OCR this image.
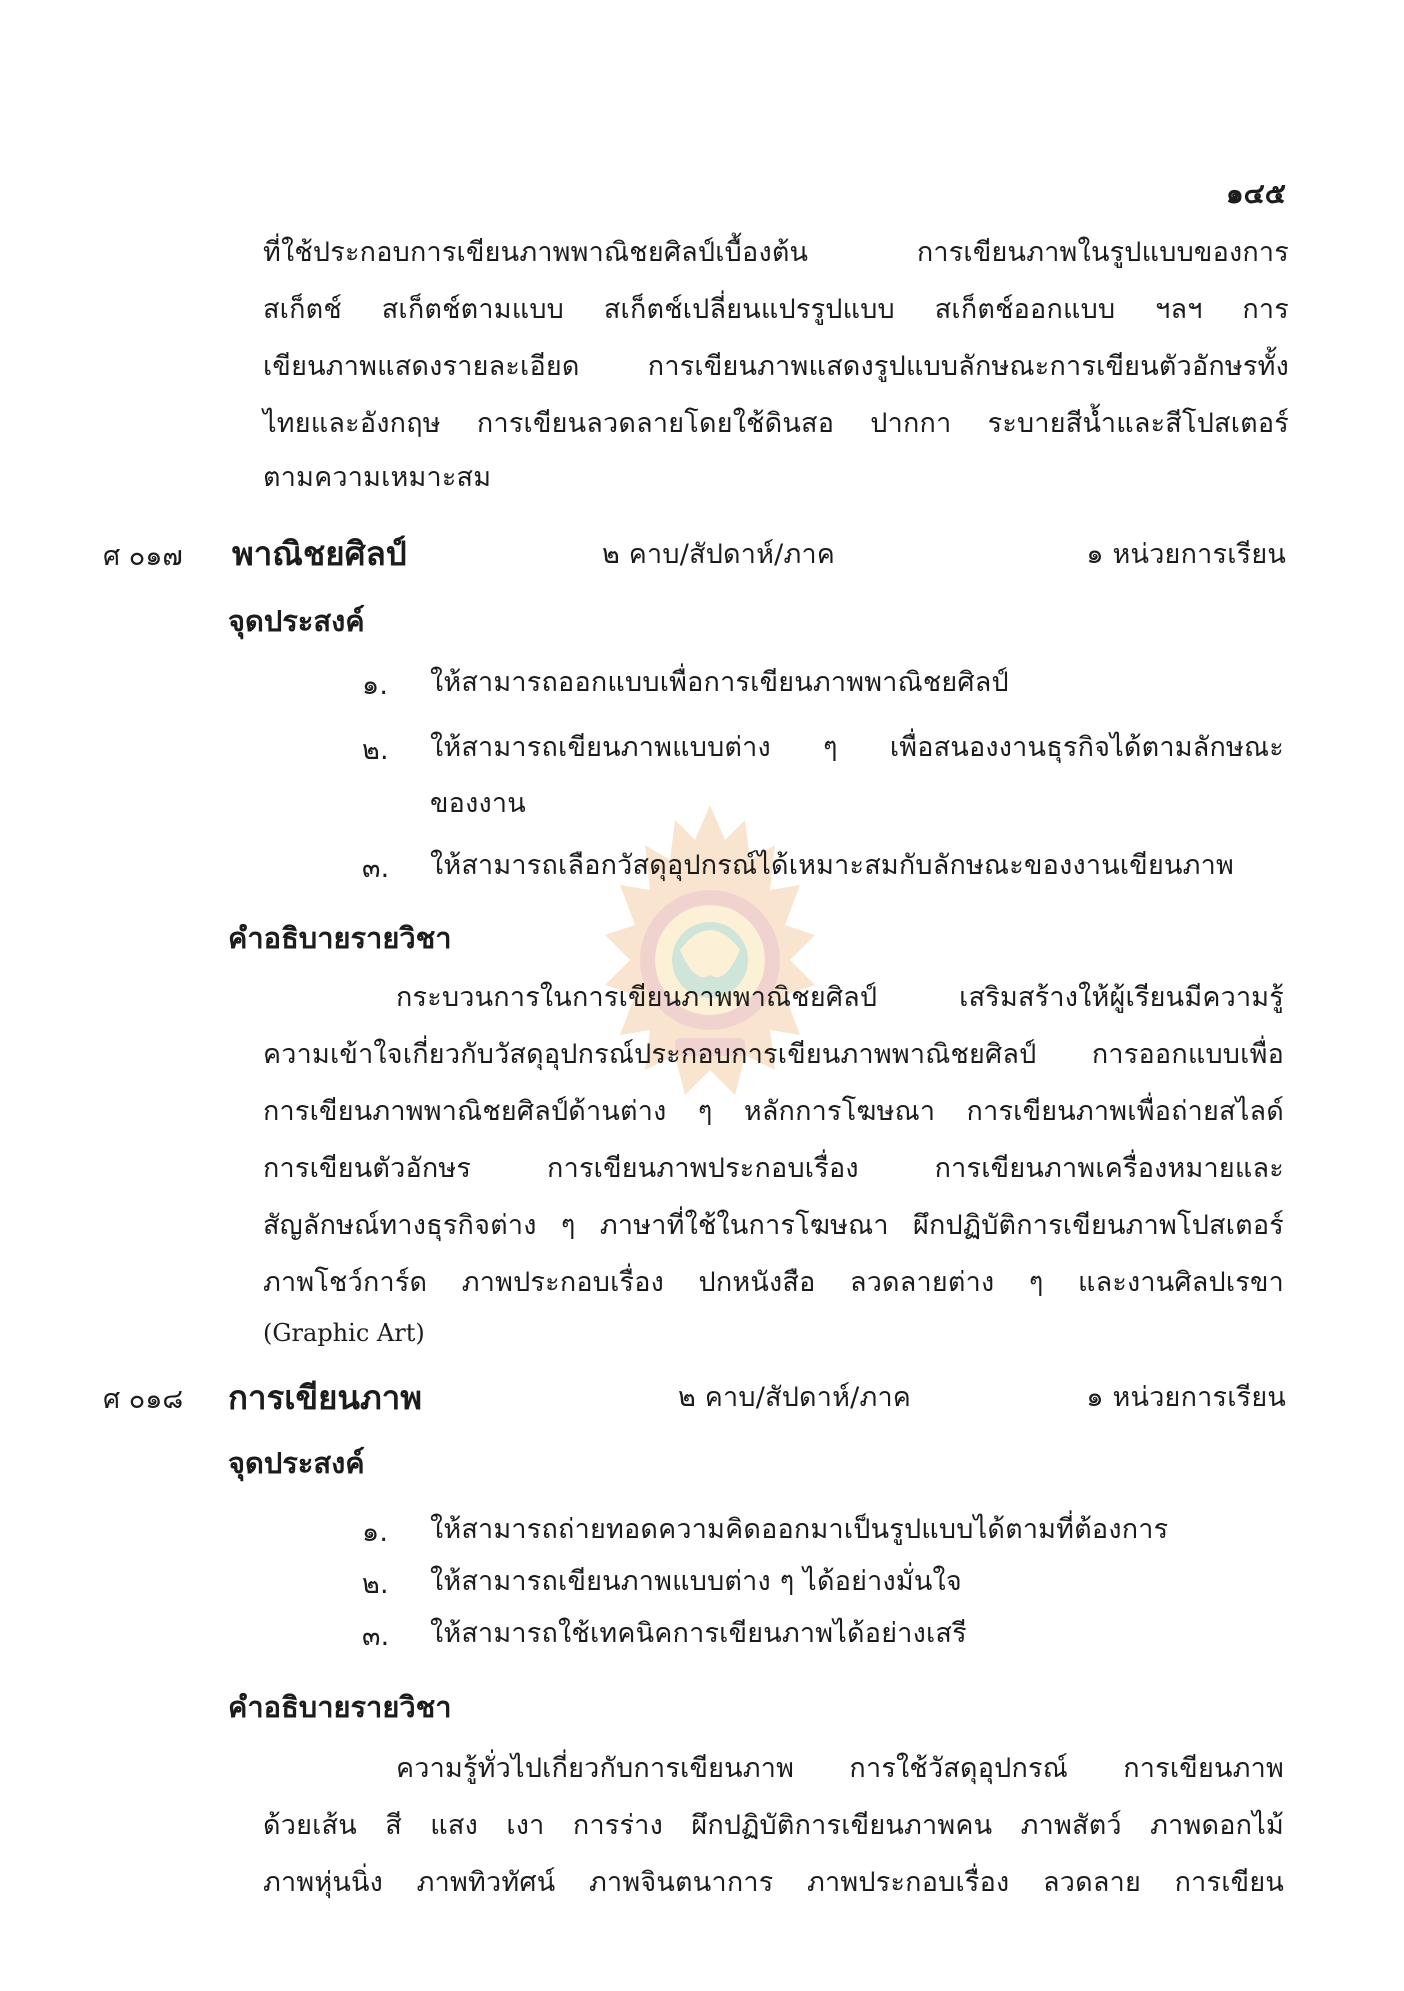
๑๔๕
ที่ใช้ประกอบการเขียนภาพพาณิชยศิลป์เบื้องต้น การเขียนภาพในรูปแบบของการ
สเก็ตช์ สเก็ตช์ตามแบบ สเก็ตช์เปลี่ยนแปรรูปแบบ สเก็ตช์ออกแบบ ฯลฯ การ
เขียนภาพแสดงรายละเอียด การเขียนภาพแสดงรูปแบบลักษณะการเขียนตัวอักษรทั้ง
ไทยและอังกฤษ การเขียนลวดลายโดยใช้ดินสอ ปากกา ระบายสีน้ำและสีโปสเตอร์
ตามความเหมาะสม
ศ ๐๑๗ พาณิชยศิลป์	๒ คาบ/สัปดาห์/ภาค	๑ หน่วยการเรียน
จุดประสงค์
๑. ให้สามารถออกแบบเพื่อการเขียนภาพพาณิชยศิลป์
๒. ให้สามารถเขียนภาพแบบต่าง ๆ เพื่อสนองงานธุรกิจได้ตามลักษณะ
ของงาน
๓. ให้สามารถเลือกวัสดุอุปกรณ์ได้เหมาะสมกับลักษณะของงานเขียนภาพ
คำอธิบายรายวิชา
กระบวนการในการเขียนภาพพาณิชยศิลป์ เสริมสร้างให้ผู้เรียนมีความรู้
ความเข้าใจเกี่ยวกับวัสดุอุปกรณ์ประกอบการเขียนภาพพาณิชยศิลป์ การออกแบบเพื่อ
การเขียนภาพพาณิชยศิลป์ด้านต่าง ๆ หลักการโฆษณา การเขียนภาพเพื่อถ่ายสไลด์
การเขียนตัวอักษร การเขียนภาพประกอบเรื่อง การเขียนภาพเครื่องหมายและ
สัญลักษณ์ทางธุรกิจต่าง ๆ ภาษาที่ใช้ในการโฆษณา ผึกปฏิบัติการเขียนภาพโปสเตอร์
ภาพโชว์การ์ด ภาพประกอบเรื่อง ปกหนังสือ ลวดลายต่าง ๆ และงานศิลปเรขา
(Graphic Art)
ศ ๐๑๘ การเขียนภาพ	๒ คาบ/สัปดาห์/ภาค	๑ หน่วยการเรียน
จุดประสงค์
๑. ให้สามารถถ่ายทอดความคิดออกมาเป็นรูปแบบได้ตามที่ต้องการ
๒. ให้สามารถเขียนภาพแบบต่าง ๆ ได้อย่างมั่นใจ
๓. ให้สามารถใช้เทคนิคการเขียนภาพได้อย่างเสรี
คำอธิบายรายวิชา
ความรู้ทั่วไปเกี่ยวกับการเขียนภาพ การใช้วัสดุอุปกรณ์ การเขียนภาพ
ด้วยเส้น สี แสง เงา การร่าง ผึกปฏิบัติการเขียนภาพคน ภาพสัตว์ ภาพดอกไม้
ภาพหุ่นนิ่ง ภาพทิวทัศน์ ภาพจินตนาการ ภาพประกอบเรื่อง ลวดลาย การเขียน
